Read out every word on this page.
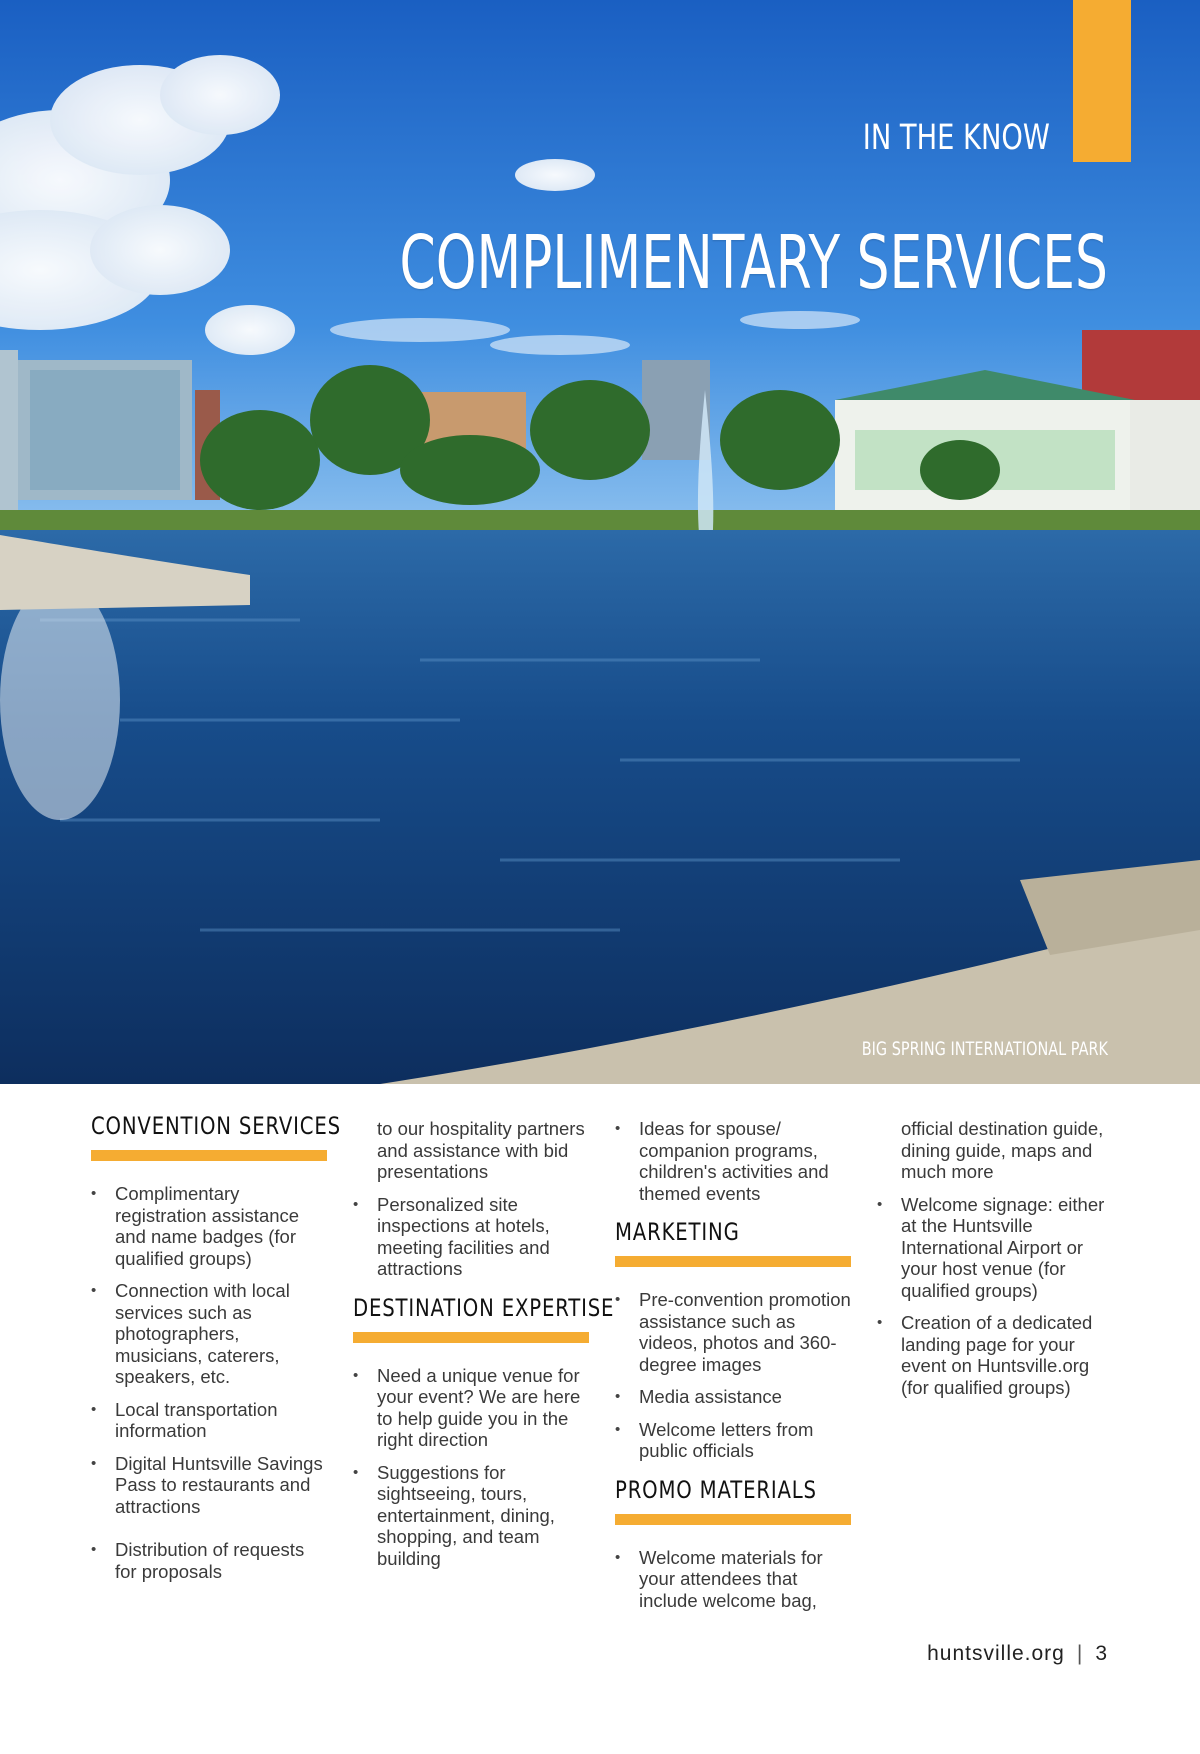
IN THE KNOW
COMPLIMENTARY SERVICES
BIG SPRING INTERNATIONAL PARK
CONVENTION SERVICES
• Complimentary registration assistance and name badges (for qualified groups)
• Connection with local services such as photographers, musicians, caterers, speakers, etc.
• Local transportation information
• Digital Huntsville Savings Pass to restaurants and attractions
• Distribution of requests for proposals
to our hospitality partners and assistance with bid presentations
• Personalized site inspections at hotels, meeting facilities and attractions
DESTINATION EXPERTISE
• Need a unique venue for your event? We are here to help guide you in the right direction
• Suggestions for sightseeing, tours, entertainment, dining, shopping, and team building
• Ideas for spouse/ companion programs, children's activities and themed events
MARKETING
• Pre-convention promotion assistance such as videos, photos and 360-degree images
• Media assistance
• Welcome letters from public officials
PROMO MATERIALS
• Welcome materials for your attendees that include welcome bag,
official destination guide, dining guide, maps and much more
• Welcome signage: either at the Huntsville International Airport or your host venue (for qualified groups)
• Creation of a dedicated landing page for your event on Huntsville.org (for qualified groups)
huntsville.org | 3
